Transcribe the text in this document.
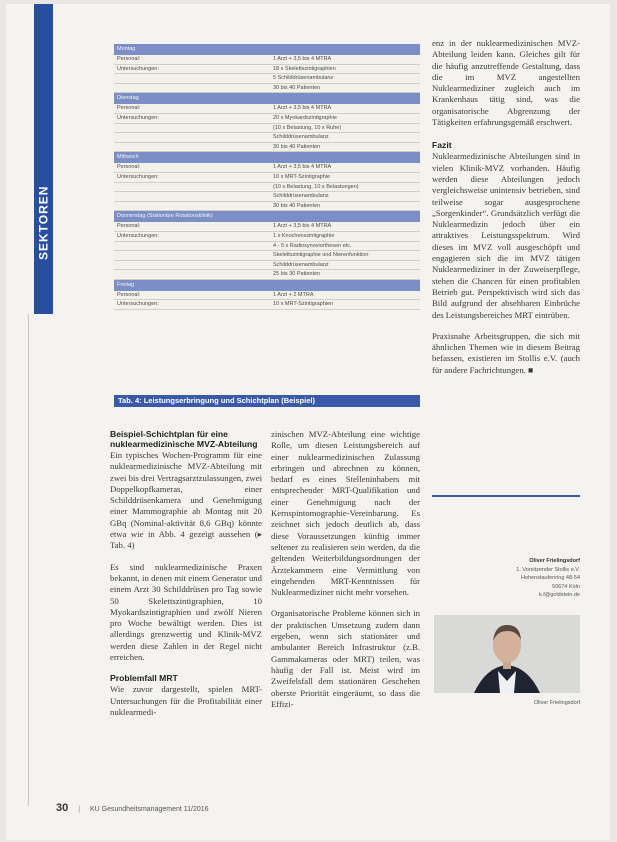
SEKTOREN
Montag
Personal:	1 Arzt + 3,5 bis 4 MTRA
Untersuchungen:	18 x Skelettszintigraphien
5 Schilddrüsenambulanz
30 bis 40 Patienten
Dienstag
Personal:	1 Arzt + 3,5 bis 4 MTRA
Untersuchungen:	20 x Myokardszintigraphie
(10 x Belastung, 10 x Ruhe)
Schilddrüsenambulanz
30 bis 40 Patienten
Mittwoch
Personal:	1 Arzt + 3,5 bis 4 MTRA
Untersuchungen:	10 x MRT-Szintigraphie
(10 x Belastung, 10 x Belastungen)
Schilddrüsenambulanz
30 bis 40 Patienten
Donnerstag (Stationäre Rotationsklinik)
Personal:	1 Arzt + 3,5 bis 4 MTRA
Untersuchungen:	1 x Knochenszintigraphie
4 - 5 x Radiosynoviorthesen etc.
Skelettszintigraphie und Nierenfunktion
Schilddrüsenambulanz
25 bis 30 Patienten
Freitag
Personal:	1 Arzt + 2 MTRA
Untersuchungen:	10 x MRT-Szintigraphien
Tab. 4: Leistungserbringung und Schichtplan (Beispiel)
Beispiel-Schichtplan für eine nuklearmedizinische MVZ-Abteilung

Ein typisches Wochen-Programm für eine nuklearmedizinische MVZ-Abteilung mit zwei bis drei Vertragsarztzulassungen, zwei Doppelkopfkameras, einer Schilddrüsenkamera und Genehmigung einer Mammographie ab Montag mit 20 GBq (Nominal-aktivität 8,6 GBq) könnte etwa wie in Abb. 4 gezeigt aussehen (▸ Tab. 4)

Es sind nuklearmedizinische Praxen bekannt, in denen mit einem Generator und einem Arzt 30 Schilddrüsen pro Tag sowie 50 Skelettszintigraphien, 10 Myokardszintigraphien und zwölf Nieren pro Woche bewältigt werden. Dies ist allerdings grenzwertig und Klinik-MVZ werden diese Zahlen in der Regel nicht erreichen.

Problemfall MRT

Wie zuvor dargestellt, spielen MRT-Untersuchungen für die Profitabilität einer nuklearmedi-

zinischen MVZ-Abteilung eine wichtige Rolle, um diesen Leistungsbereich auf einer nuklearmedizinischen Zulassung erbringen und abrechnen zu können, bedarf es eines Stelleninhabers mit entsprechender MRT-Qualifikation und einer Genehmigung nach der Kernspintomographie-Vereinbarung. Es zeichnet sich jedoch deutlich ab, dass diese Voraussetzungen künftig immer seltener zu realisieren sein werden, da die geltenden Weiterbildungsordnungen der Ärztekammern eine Vermittlung von eingehenden MRT-Kenntnissen für Nuklearmediziner nicht mehr vorsehen.

Organisatorische Probleme können sich in der praktischen Umsetzung zudem dann ergeben, wenn sich stationärer und ambulanter Bereich Infrastruktur (z.B. Gammakameras oder MRT) teilen, was häufig der Fall ist. Meist wird im Zweifelsfall dem stationären Geschehen oberste Priorität eingeräumt, so dass die Effizi-

enz in der nuklearmedizinischen MVZ-Abteilung leiden kann. Gleiches gilt für die häufig anzutreffende Gestaltung, dass die im MVZ angestellten Nuklearmediziner zugleich auch im Krankenhaus tätig sind, was die organisatorische Abgrenzung der Tätigkeiten erfahrungsgemäß erschwert.

Fazit

Nuklearmedizinische Abteilungen sind in vielen Klinik-MVZ vorhanden. Häufig werden diese Abteilungen jedoch vergleichsweise unintensiv betrieben, sind teilweise sogar ausgesprochene „Sorgenkinder“. Grundsätzlich verfügt die Nuklearmedizin jedoch über ein attraktives Leistungsspektrum. Wird dieses im MVZ voll ausgeschöpft und engagieren sich die im MVZ tätigen Nuklearmediziner in der Zuweiserpflege, stehen die Chancen für einen profitablen Betrieb gut. Perspektivisch wird sich das Bild aufgrund der absehbaren Einbrüche des Leistungsbereiches MRT eintrüben.

Praxisnahe Arbeitsgruppen, die sich mit ähnlichen Themen wie in diesem Beitrag befassen, existieren im Stollis e.V. (auch für andere Fachrichtungen. ■

Oliver Frielingsdorf
1. Vorsitzender Stollis e.V.
Hohenstaufenring 48-54
50674 Köln
k.f@goldstein.de
Oliver Frielingsdorf
30 | KU Gesundheitsmanagement 11/2016
